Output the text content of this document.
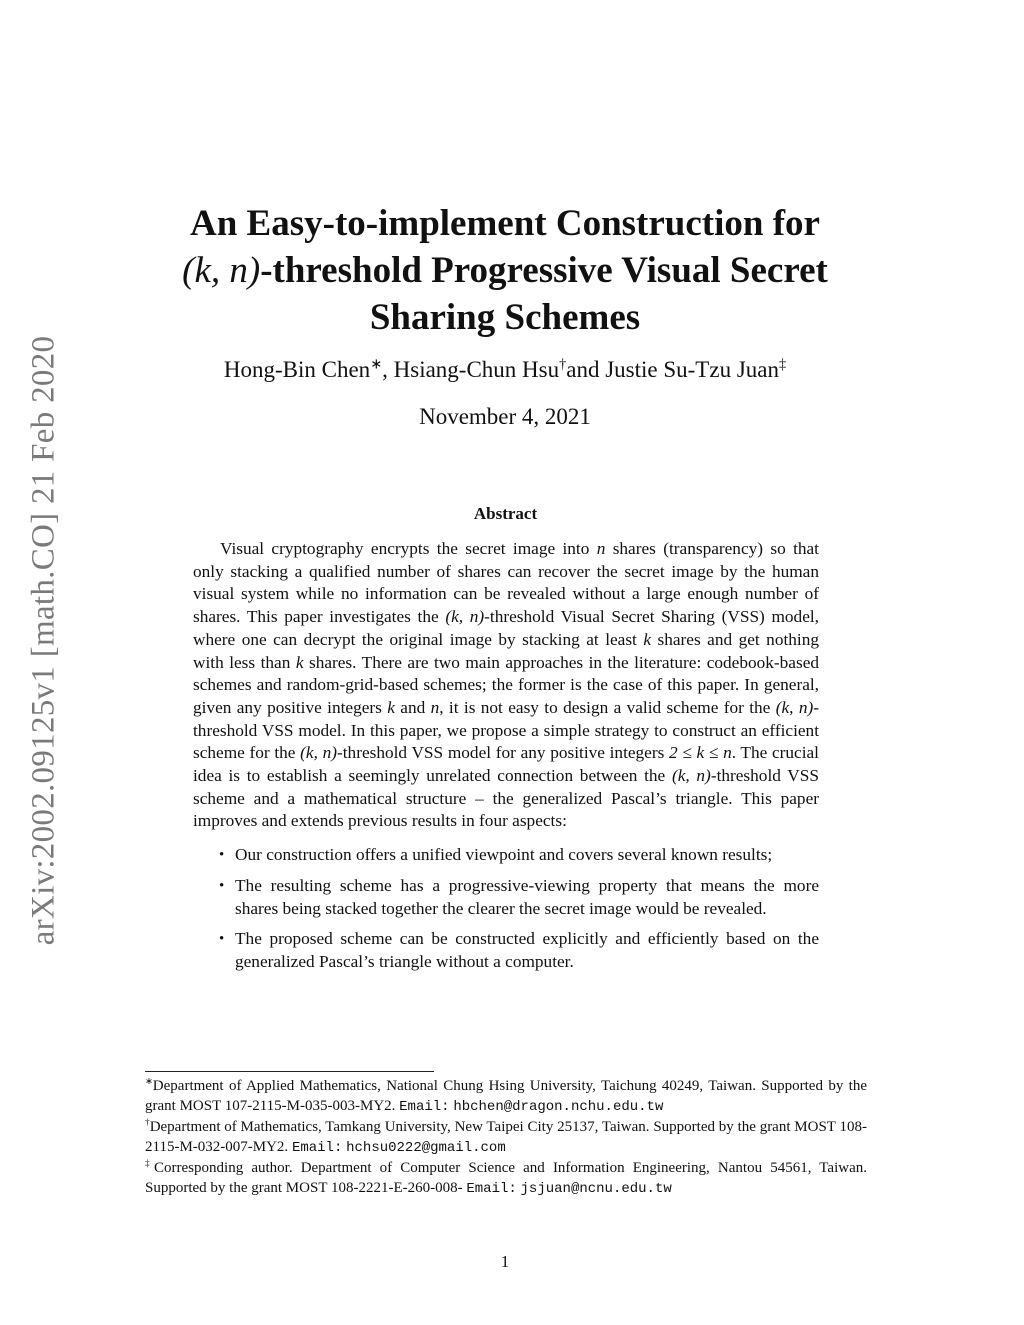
arXiv:2002.09125v1 [math.CO] 21 Feb 2020
An Easy-to-implement Construction for
(k, n)-threshold Progressive Visual Secret
Sharing Schemes
Hong-Bin Chen∗, Hsiang-Chun Hsu†and Justie Su-Tzu Juan‡
November 4, 2021
Abstract

Visual cryptography encrypts the secret image into n shares (transparency) so that only stacking a qualified number of shares can recover the secret image by the human visual system while no information can be revealed without a large enough number of shares. This paper investigates the (k, n)-threshold Visual Secret Sharing (VSS) model, where one can decrypt the original image by stacking at least k shares and get nothing with less than k shares. There are two main approaches in the literature: codebook-based schemes and random-grid-based schemes; the former is the case of this paper. In general, given any positive integers k and n, it is not easy to design a valid scheme for the (k, n)-threshold VSS model. In this paper, we propose a simple strategy to construct an efficient scheme for the (k, n)-threshold VSS model for any positive integers 2 ≤ k ≤ n. The crucial idea is to establish a seemingly unrelated connection between the (k, n)-threshold VSS scheme and a mathematical structure – the generalized Pascal’s triangle. This paper improves and extends previous results in four aspects:

• Our construction offers a unified viewpoint and covers several known results;
• The resulting scheme has a progressive-viewing property that means the more shares being stacked together the clearer the secret image would be revealed.
• The proposed scheme can be constructed explicitly and efficiently based on the generalized Pascal’s triangle without a computer.

∗Department of Applied Mathematics, National Chung Hsing University, Taichung 40249, Taiwan. Supported by the grant MOST 107-2115-M-035-003-MY2. Email: hbchen@dragon.nchu.edu.tw

†Department of Mathematics, Tamkang University, New Taipei City 25137, Taiwan. Supported by the grant MOST 108-2115-M-032-007-MY2. Email: hchsu0222@gmail.com

‡Corresponding author. Department of Computer Science and Information Engineering, Nantou 54561, Taiwan. Supported by the grant MOST 108-2221-E-260-008- Email: jsjuan@ncnu.edu.tw

1
